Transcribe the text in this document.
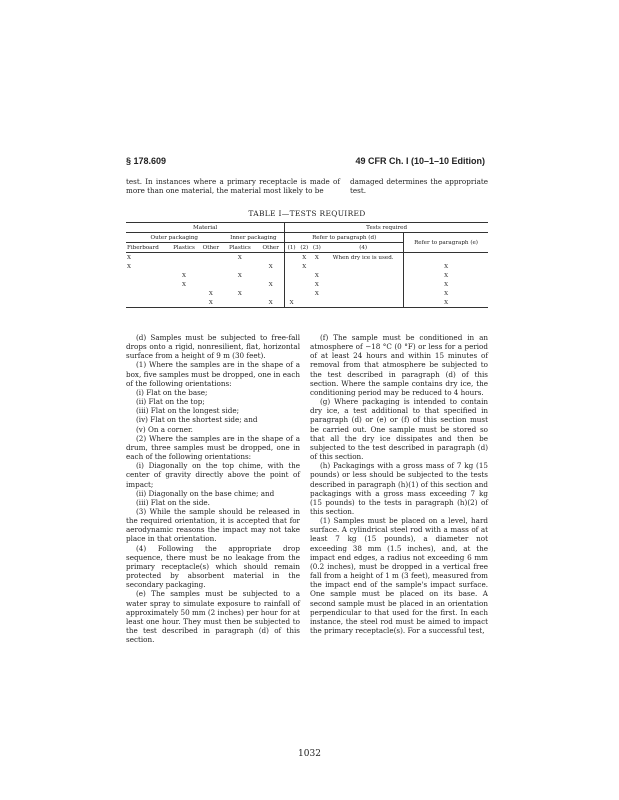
§ 178.609	49 CFR Ch. I (10–1–10 Edition)

test. In instances where a primary receptacle is made of more than one material, the material most likely to be

damaged determines the appropriate test.

TABLE I—TESTS REQUIRED
Material					Tests required				
Outer packaging			Inner packaging		Refer to paragraph (d)				Refer to paragraph (e)
Fiberboard	Plastics	Other	Plastics	Other	(1)	(2)	(3)	(4)	
X			X			X	X	When dry ice is used.	
X				X		X			X
	X		X				X		X
	X			X			X		X
		X	X				X		X
		X		X	X				X

(d) Samples must be subjected to free-fall drops onto a rigid, nonresilient, flat, horizontal surface from a height of 9 m (30 feet).

(1) Where the samples are in the shape of a box, five samples must be dropped, one in each of the following orientations:

(i) Flat on the base;

(ii) Flat on the top;

(iii) Flat on the longest side;

(iv) Flat on the shortest side; and

(v) On a corner.

(2) Where the samples are in the shape of a drum, three samples must be dropped, one in each of the following orientations:

(i) Diagonally on the top chime, with the center of gravity directly above the point of impact;

(ii) Diagonally on the base chime; and

(iii) Flat on the side.

(3) While the sample should be released in the required orientation, it is accepted that for aerodynamic reasons the impact may not take place in that orientation.

(4) Following the appropriate drop sequence, there must be no leakage from the primary receptacle(s) which should remain protected by absorbent material in the secondary packaging.

(e) The samples must be subjected to a water spray to simulate exposure to rainfall of approximately 50 mm (2 inches) per hour for at least one hour. They must then be subjected to the test described in paragraph (d) of this section.

(f) The sample must be conditioned in an atmosphere of −18 °C (0 °F) or less for a period of at least 24 hours and within 15 minutes of removal from that atmosphere be subjected to the test described in paragraph (d) of this section. Where the sample contains dry ice, the conditioning period may be reduced to 4 hours.

(g) Where packaging is intended to contain dry ice, a test additional to that specified in paragraph (d) or (e) or (f) of this section must be carried out. One sample must be stored so that all the dry ice dissipates and then be subjected to the test described in paragraph (d) of this section.

(h) Packagings with a gross mass of 7 kg (15 pounds) or less should be subjected to the tests described in paragraph (h)(1) of this section and packagings with a gross mass exceeding 7 kg (15 pounds) to the tests in paragraph (h)(2) of this section.

(1) Samples must be placed on a level, hard surface. A cylindrical steel rod with a mass of at least 7 kg (15 pounds), a diameter not exceeding 38 mm (1.5 inches), and, at the impact end edges, a radius not exceeding 6 mm (0.2 inches), must be dropped in a vertical free fall from a height of 1 m (3 feet), measured from the impact end of the sample's impact surface. One sample must be placed on its base. A second sample must be placed in an orientation perpendicular to that used for the first. In each instance, the steel rod must be aimed to impact the primary receptacle(s). For a successful test,

1032
